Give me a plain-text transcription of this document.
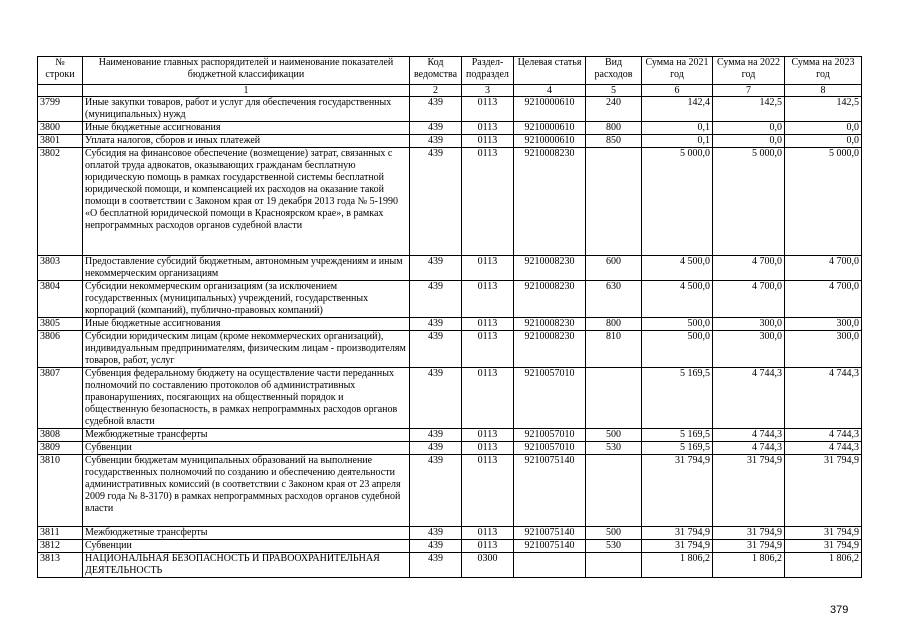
№ строки	Наименование главных распорядителей и наименование показателей бюджетной классификации	Код ведомства	Раздел-подраздел	Целевая статья	Вид расходов	Сумма на 2021 год	Сумма на 2022 год	Сумма на 2023 год
	1	2	3	4	5	6	7	8
3799	Иные закупки товаров, работ и услуг для обеспечения государственных (муниципальных) нужд	439	0113	9210000610	240	142,4	142,5	142,5
3800	Иные бюджетные ассигнования	439	0113	9210000610	800	0,1	0,0	0,0
3801	Уплата налогов, сборов и иных платежей	439	0113	9210000610	850	0,1	0,0	0,0
3802	Субсидия на финансовое обеспечение (возмещение) затрат, связанных с оплатой труда адвокатов, оказывающих гражданам бесплатную юридическую помощь в рамках государственной системы бесплатной юридической помощи, и компенсацией их расходов на оказание такой помощи в соответствии с Законом края от 19 декабря 2013 года № 5-1990 «О бесплатной юридической помощи в Красноярском крае», в рамках непрограммных расходов органов судебной власти	439	0113	9210008230		5 000,0	5 000,0	5 000,0
3803	Предоставление субсидий бюджетным, автономным учреждениям и иным некоммерческим организациям	439	0113	9210008230	600	4 500,0	4 700,0	4 700,0
3804	Субсидии некоммерческим организациям (за исключением государственных (муниципальных) учреждений, государственных корпораций (компаний), публично-правовых компаний)	439	0113	9210008230	630	4 500,0	4 700,0	4 700,0
3805	Иные бюджетные ассигнования	439	0113	9210008230	800	500,0	300,0	300,0
3806	Субсидии юридическим лицам (кроме некоммерческих организаций), индивидуальным предпринимателям, физическим лицам - производителям товаров, работ, услуг	439	0113	9210008230	810	500,0	300,0	300,0
3807	Субвенция федеральному бюджету на осуществление части переданных полномочий по составлению протоколов об административных правонарушениях, посягающих на общественный порядок и общественную безопасность, в рамках непрограммных расходов органов судебной власти	439	0113	9210057010		5 169,5	4 744,3	4 744,3
3808	Межбюджетные трансферты	439	0113	9210057010	500	5 169,5	4 744,3	4 744,3
3809	Субвенции	439	0113	9210057010	530	5 169,5	4 744,3	4 744,3
3810	Субвенции бюджетам муниципальных образований на выполнение государственных полномочий по созданию и обеспечению деятельности административных комиссий (в соответствии с Законом края от 23 апреля 2009 года № 8-3170) в рамках непрограммных расходов органов судебной власти	439	0113	9210075140		31 794,9	31 794,9	31 794,9
3811	Межбюджетные трансферты	439	0113	9210075140	500	31 794,9	31 794,9	31 794,9
3812	Субвенции	439	0113	9210075140	530	31 794,9	31 794,9	31 794,9
3813	НАЦИОНАЛЬНАЯ БЕЗОПАСНОСТЬ И ПРАВООХРАНИТЕЛЬНАЯ ДЕЯТЕЛЬНОСТЬ	439	0300			1 806,2	1 806,2	1 806,2
379
